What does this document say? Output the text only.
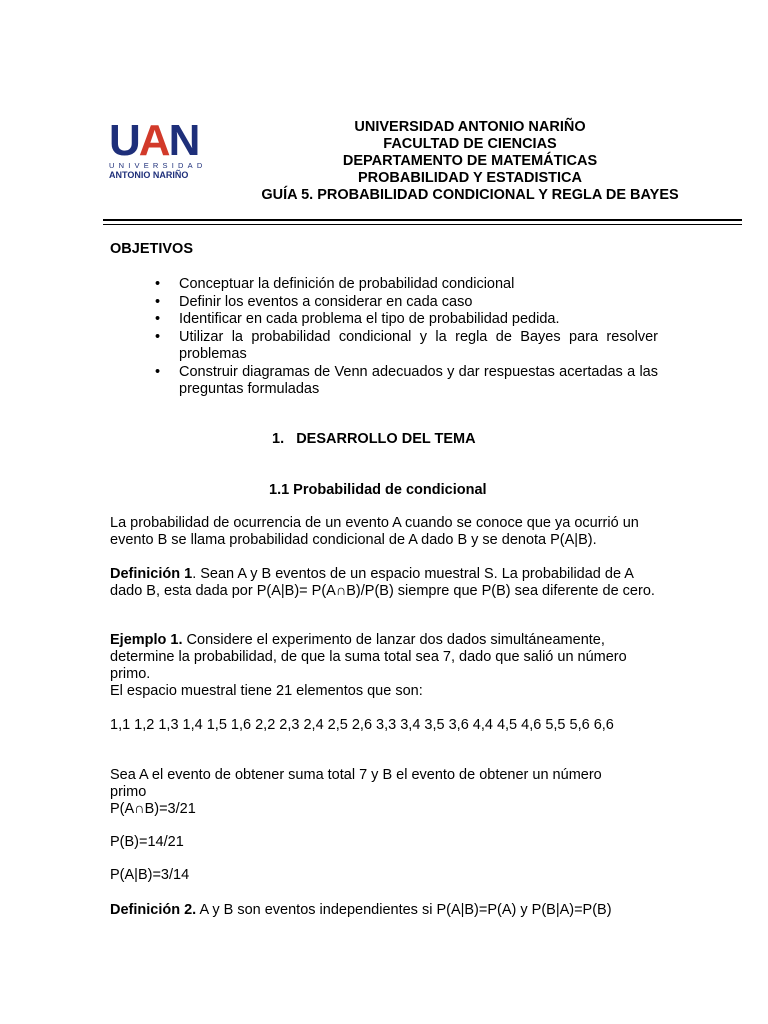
U A N
UNIVERSIDAD
ANTONIO NARIÑO
UNIVERSIDAD ANTONIO NARIÑO
FACULTAD DE CIENCIAS
DEPARTAMENTO DE MATEMÁTICAS
PROBABILIDAD Y ESTADISTICA
GUÍA 5. PROBABILIDAD CONDICIONAL Y REGLA DE BAYES
OBJETIVOS
• Conceptuar la definición de probabilidad condicional
• Definir los eventos a considerar en cada caso
• Identificar en cada problema el tipo de probabilidad pedida.
• Utilizar la probabilidad condicional y la regla de Bayes para resolver problemas
• Construir diagramas de Venn adecuados y dar respuestas acertadas a las preguntas formuladas
1. DESARROLLO DEL TEMA
1.1 Probabilidad de condicional
La probabilidad de ocurrencia de un evento A cuando se conoce que ya ocurrió un evento B se llama probabilidad condicional de A dado B y se denota P(A|B).
Definición 1. Sean A y B eventos de un espacio muestral S. La probabilidad de A dado B, esta dada por P(A|B)= P(A∩B)/P(B) siempre que P(B) sea diferente de cero.
Ejemplo 1. Considere el experimento de lanzar dos dados simultáneamente, determine la probabilidad, de que la suma total sea 7, dado que salió un número primo.
El espacio muestral tiene 21 elementos que son:
1,1 1,2 1,3 1,4 1,5 1,6 2,2 2,3 2,4 2,5 2,6 3,3 3,4 3,5 3,6 4,4 4,5 4,6 5,5 5,6 6,6
Sea A el evento de obtener suma total 7 y B el evento de obtener un número primo
P(A∩B)=3/21
P(B)=14/21
P(A|B)=3/14
Definición 2. A y B son eventos independientes si P(A|B)=P(A) y P(B|A)=P(B)
